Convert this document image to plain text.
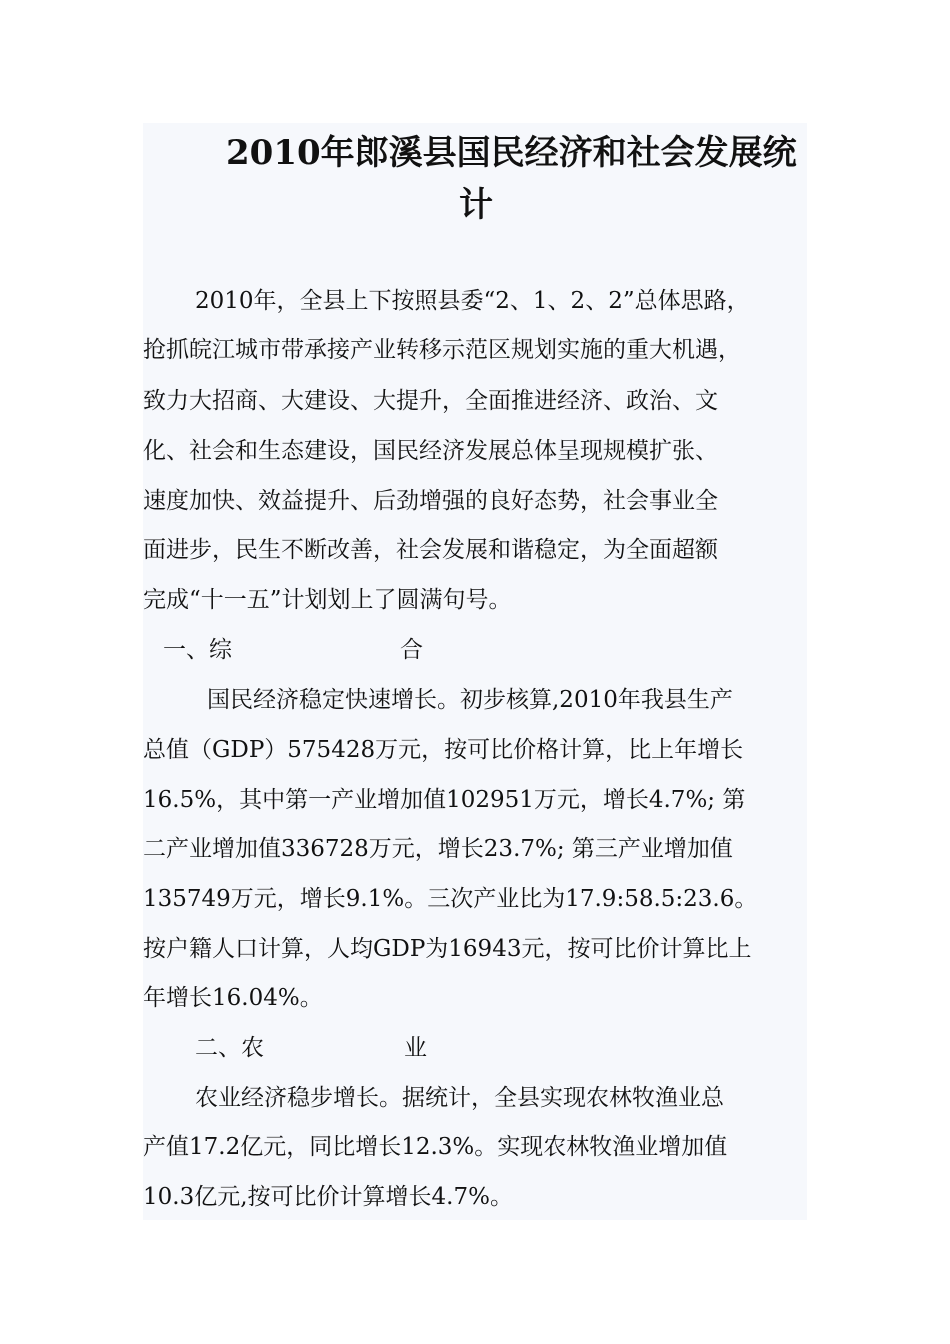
2010年郎溪县国民经济和社会发展统
计

2010年，全县上下按照县委“2、1、2、2”总体思路，

抢抓皖江城市带承接产业转移示范区规划实施的重大机遇，

致力大招商、大建设、大提升，全面推进经济、政治、文

化、社会和生态建设，国民经济发展总体呈现规模扩张、

速度加快、效益提升、后劲增强的良好态势，社会事业全

面进步，民生不断改善，社会发展和谐稳定，为全面超额

完成“十一五”计划划上了圆满句号。

一、综	合

国民经济稳定快速增长。初步核算,2010年我县生产

总值（GDP）575428万元，按可比价格计算，比上年增长

16.5%，其中第一产业增加值102951万元，增长4.7%; 第

二产业增加值336728万元，增长23.7%; 第三产业增加值

135749万元，增长9.1%。三次产业比为17.9:58.5:23.6。

按户籍人口计算，人均GDP为16943元，按可比价计算比上

年增长16.04%。

二、农	业

农业经济稳步增长。据统计，全县实现农林牧渔业总

产值17.2亿元，同比增长12.3%。实现农林牧渔业增加值

10.3亿元,按可比价计算增长4.7%。
